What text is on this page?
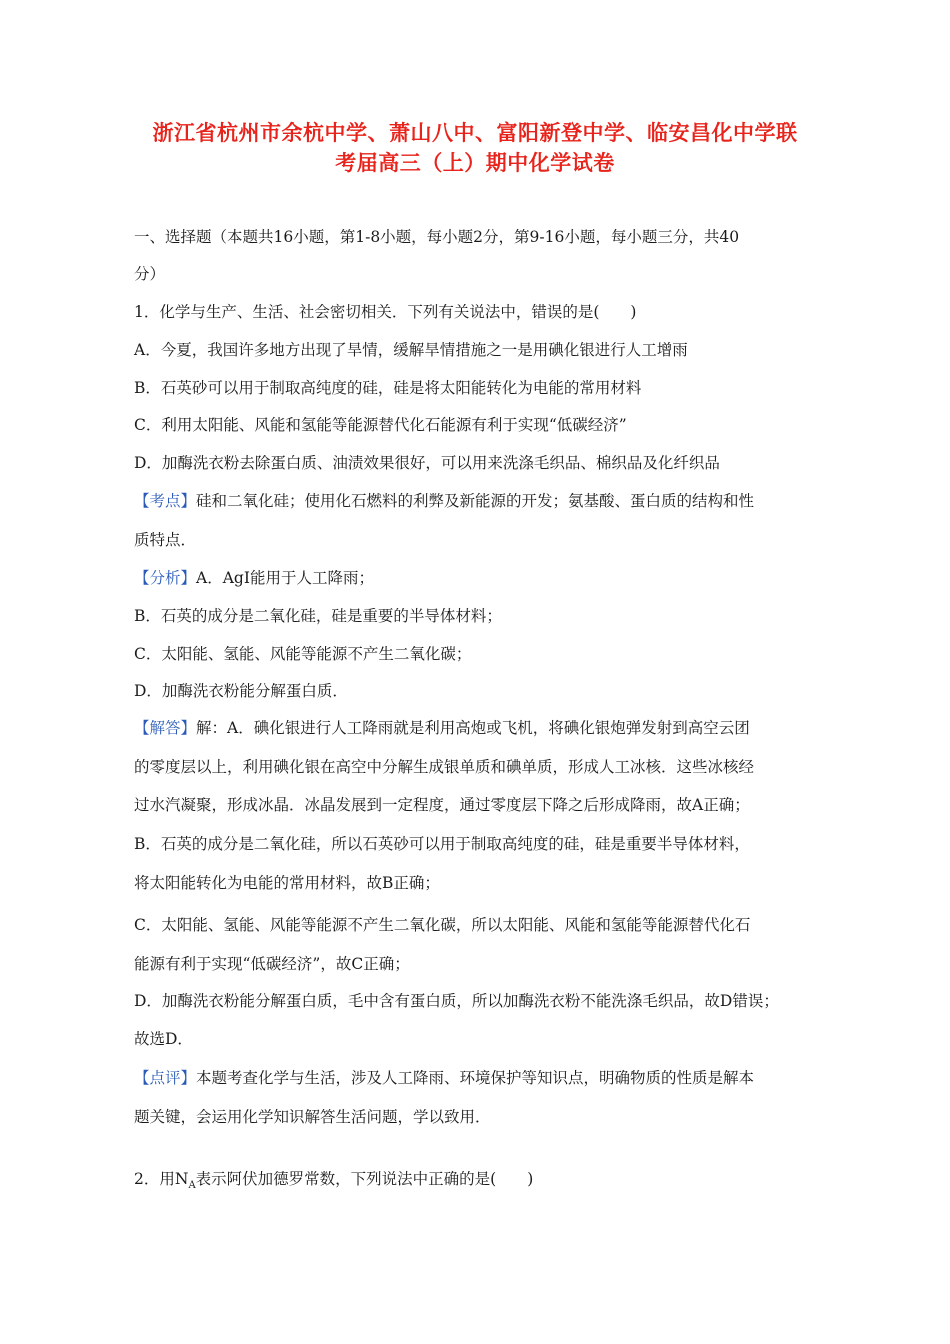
浙江省杭州市余杭中学、萧山八中、富阳新登中学、临安昌化中学联
考届高三（上）期中化学试卷
一、选择题（本题共16小题，第1-8小题，每小题2分，第9-16小题，每小题三分，共40
分）
1．化学与生产、生活、社会密切相关．下列有关说法中，错误的是(　　)
A．今夏，我国许多地方出现了旱情，缓解旱情措施之一是用碘化银进行人工增雨
B．石英砂可以用于制取高纯度的硅，硅是将太阳能转化为电能的常用材料
C．利用太阳能、风能和氢能等能源替代化石能源有利于实现“低碳经济”
D．加酶洗衣粉去除蛋白质、油渍效果很好，可以用来洗涤毛织品、棉织品及化纤织品
【考点】硅和二氧化硅；使用化石燃料的利弊及新能源的开发；氨基酸、蛋白质的结构和性
质特点．
【分析】A．AgI能用于人工降雨；
B．石英的成分是二氧化硅，硅是重要的半导体材料；
C．太阳能、氢能、风能等能源不产生二氧化碳；
D．加酶洗衣粉能分解蛋白质．
【解答】解：A．碘化银进行人工降雨就是利用高炮或飞机，将碘化银炮弹发射到高空云团
的零度层以上，利用碘化银在高空中分解生成银单质和碘单质，形成人工冰核．这些冰核经
过水汽凝聚，形成冰晶．冰晶发展到一定程度，通过零度层下降之后形成降雨，故A正确；
B．石英的成分是二氧化硅，所以石英砂可以用于制取高纯度的硅，硅是重要半导体材料，
将太阳能转化为电能的常用材料，故B正确；
C．太阳能、氢能、风能等能源不产生二氧化碳，所以太阳能、风能和氢能等能源替代化石
能源有利于实现“低碳经济”，故C正确；
D．加酶洗衣粉能分解蛋白质，毛中含有蛋白质，所以加酶洗衣粉不能洗涤毛织品，故D错误；
故选D．
【点评】本题考查化学与生活，涉及人工降雨、环境保护等知识点，明确物质的性质是解本
题关键，会运用化学知识解答生活问题，学以致用．
2．用$N_A$表示阿伏加德罗常数，下列说法中正确的是(　　)
